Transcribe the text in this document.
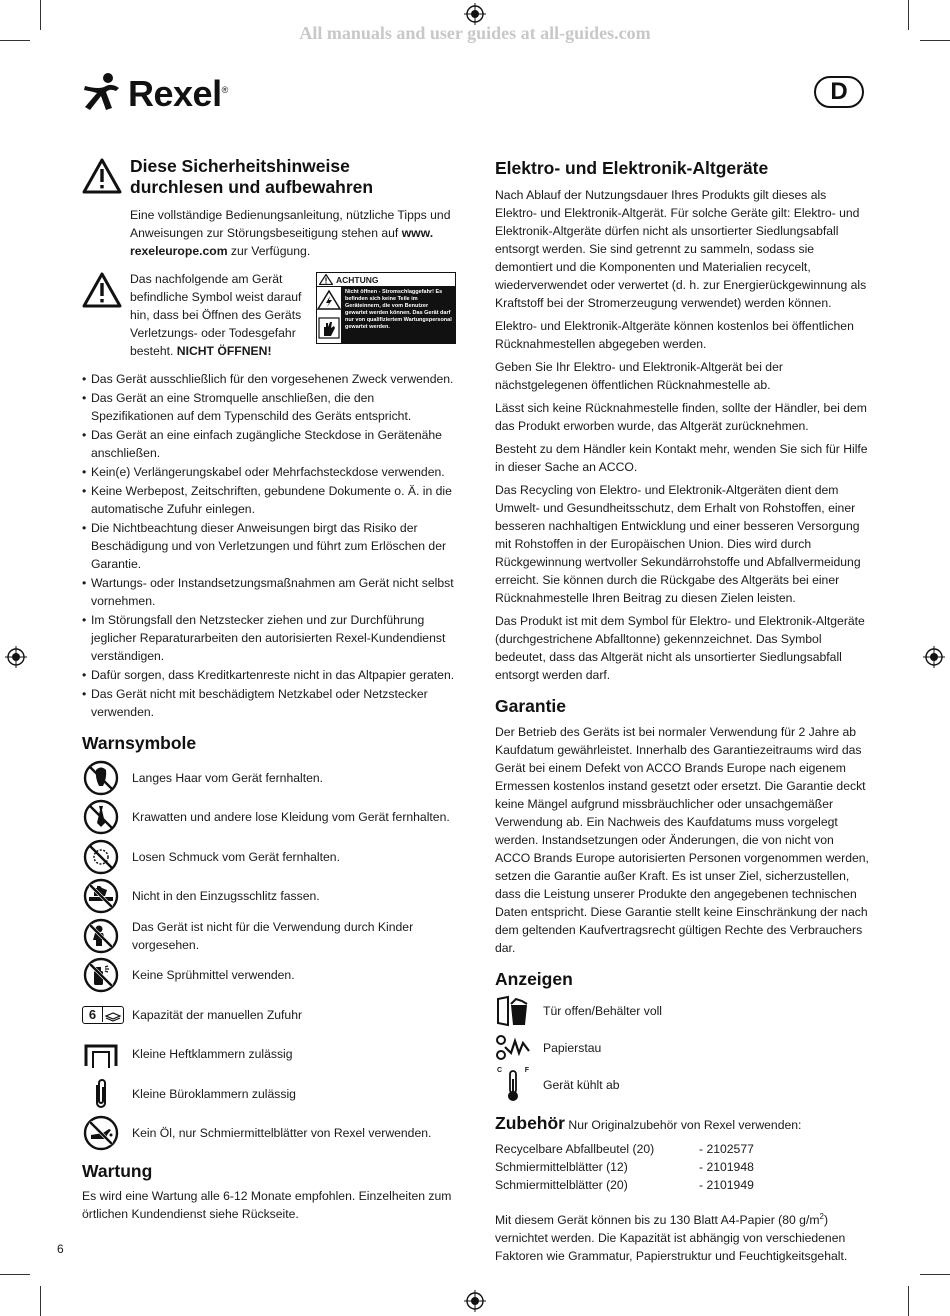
All manuals and user guides at all-guides.com
Rexel®	D
Diese Sicherheitshinweise
durchlesen und aufbewahren

Eine vollständige Bedienungsanleitung, nützliche Tipps und Anweisungen zur Störungsbeseitigung stehen auf www. rexeleurope.com zur Verfügung.

Das nachfolgende am Gerät befindliche Symbol weist darauf hin, dass bei Öffnen des Geräts Verletzungs- oder Todesgefahr besteht. NICHT ÖFFNEN!
ACHTUNG
Nicht öffnen - Stromschlaggefahr! Es befinden sich keine Teile im Geräteinnern, die vom Benutzer gewartet werden können. Das Gerät darf nur von qualifiziertem Wartungspersonal gewartet werden.
• Das Gerät ausschließlich für den vorgesehenen Zweck verwenden.
• Das Gerät an eine Stromquelle anschließen, die den Spezifikationen auf dem Typenschild des Geräts entspricht.
• Das Gerät an eine einfach zugängliche Steckdose in Gerätenähe anschließen.
• Kein(e) Verlängerungskabel oder Mehrfachsteckdose verwenden.
• Keine Werbepost, Zeitschriften, gebundene Dokumente o. Ä. in die automatische Zufuhr einlegen.
• Die Nichtbeachtung dieser Anweisungen birgt das Risiko der Beschädigung und von Verletzungen und führt zum Erlöschen der Garantie.
• Wartungs- oder Instandsetzungsmaßnahmen am Gerät nicht selbst vornehmen.
• Im Störungsfall den Netzstecker ziehen und zur Durchführung jeglicher Reparaturarbeiten den autorisierten Rexel-Kundendienst verständigen.
• Dafür sorgen, dass Kreditkartenreste nicht in das Altpapier geraten.
• Das Gerät nicht mit beschädigtem Netzkabel oder Netzstecker verwenden.
Warnsymbole
Langes Haar vom Gerät fernhalten.
Krawatten und andere lose Kleidung vom Gerät fernhalten.
Losen Schmuck vom Gerät fernhalten.
Nicht in den Einzugsschlitz fassen.
Das Gerät ist nicht für die Verwendung durch Kinder vorgesehen.
Keine Sprühmittel verwenden.
6	Kapazität der manuellen Zufuhr
Kleine Heftklammern zulässig
Kleine Büroklammern zulässig
Kein Öl, nur Schmiermittelblätter von Rexel verwenden.
Wartung

Es wird eine Wartung alle 6-12 Monate empfohlen. Einzelheiten zum örtlichen Kundendienst siehe Rückseite.

Elektro- und Elektronik-Altgeräte

Nach Ablauf der Nutzungsdauer Ihres Produkts gilt dieses als Elektro- und Elektronik-Altgerät. Für solche Geräte gilt: Elektro- und Elektronik-Altgeräte dürfen nicht als unsortierter Siedlungsabfall entsorgt werden. Sie sind getrennt zu sammeln, sodass sie demontiert und die Komponenten und Materialien recycelt, wiederverwendet oder verwertet (d. h. zur Energierückgewinnung als Kraftstoff bei der Stromerzeugung verwendet) werden können.

Elektro- und Elektronik-Altgeräte können kostenlos bei öffentlichen Rücknahmestellen abgegeben werden.

Geben Sie Ihr Elektro- und Elektronik-Altgerät bei der nächstgelegenen öffentlichen Rücknahmestelle ab.

Lässt sich keine Rücknahmestelle finden, sollte der Händler, bei dem das Produkt erworben wurde, das Altgerät zurücknehmen.

Besteht zu dem Händler kein Kontakt mehr, wenden Sie sich für Hilfe in dieser Sache an ACCO.

Das Recycling von Elektro- und Elektronik-Altgeräten dient dem Umwelt- und Gesundheitsschutz, dem Erhalt von Rohstoffen, einer besseren nachhaltigen Entwicklung und einer besseren Versorgung mit Rohstoffen in der Europäischen Union. Dies wird durch Rückgewinnung wertvoller Sekundärrohstoffe und Abfallvermeidung erreicht. Sie können durch die Rückgabe des Altgeräts bei einer Rücknahmestelle Ihren Beitrag zu diesen Zielen leisten.

Das Produkt ist mit dem Symbol für Elektro- und Elektronik-Altgeräte (durchgestrichene Abfalltonne) gekennzeichnet. Das Symbol bedeutet, dass das Altgerät nicht als unsortierter Siedlungsabfall entsorgt werden darf.

Garantie

Der Betrieb des Geräts ist bei normaler Verwendung für 2 Jahre ab Kaufdatum gewährleistet. Innerhalb des Garantiezeitraums wird das Gerät bei einem Defekt von ACCO Brands Europe nach eigenem Ermessen kostenlos instand gesetzt oder ersetzt. Die Garantie deckt keine Mängel aufgrund missbräuchlicher oder unsachgemäßer Verwendung ab. Ein Nachweis des Kaufdatums muss vorgelegt werden. Instandsetzungen oder Änderungen, die von nicht von ACCO Brands Europe autorisierten Personen vorgenommen werden, setzen die Garantie außer Kraft. Es ist unser Ziel, sicherzustellen, dass die Leistung unserer Produkte den angegebenen technischen Daten entspricht. Diese Garantie stellt keine Einschränkung der nach dem geltenden Kaufvertragsrecht gültigen Rechte des Verbrauchers dar.

Anzeigen
Tür offen/Behälter voll
Papierstau
C	F
Gerät kühlt ab
Zubehör Nur Originalzubehör von Rexel verwenden:
Recycelbare Abfallbeutel (20)	- 2102577
Schmiermittelblätter (12)	- 2101948
Schmiermittelblätter (20)	- 2101949

Mit diesem Gerät können bis zu 130 Blatt A4-Papier (80 $g/m^2$) vernichtet werden. Die Kapazität ist abhängig von verschiedenen Faktoren wie Grammatur, Papierstruktur und Feuchtigkeitsgehalt.

6
